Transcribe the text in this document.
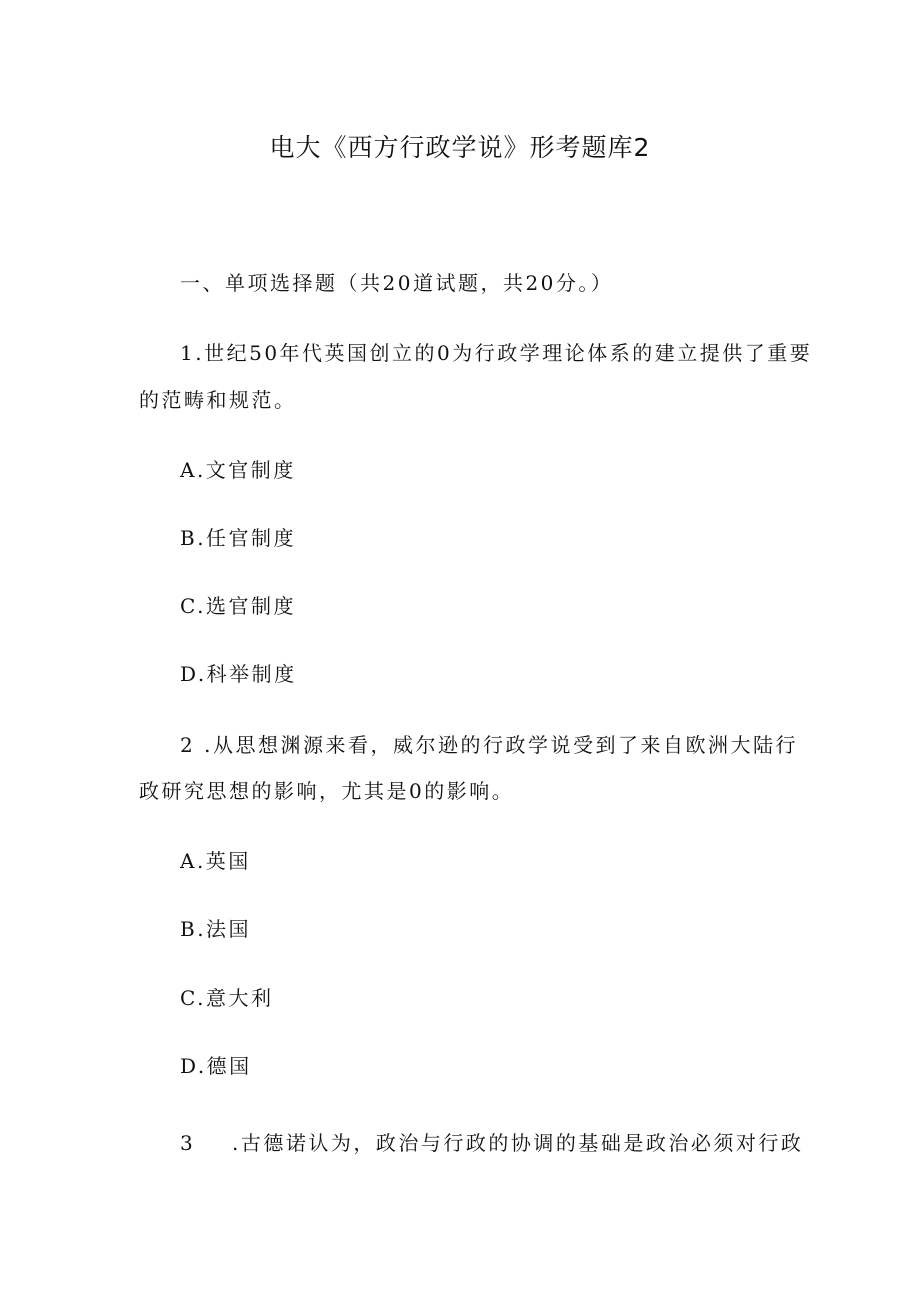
电大《西方行政学说》形考题库2
一、单项选择题（共20道试题，共20分。）
1.世纪50年代英国创立的0为行政学理论体系的建立提供了重要
的范畴和规范。
A.文官制度
B.任官制度
C.选官制度
D.科举制度
2 .从思想渊源来看，威尔逊的行政学说受到了来自欧洲大陆行
政研究思想的影响，尤其是0的影响。
A.英国
B.法国
C.意大利
D.德国
3 .古德诺认为，政治与行政的协调的基础是政治必须对行政
